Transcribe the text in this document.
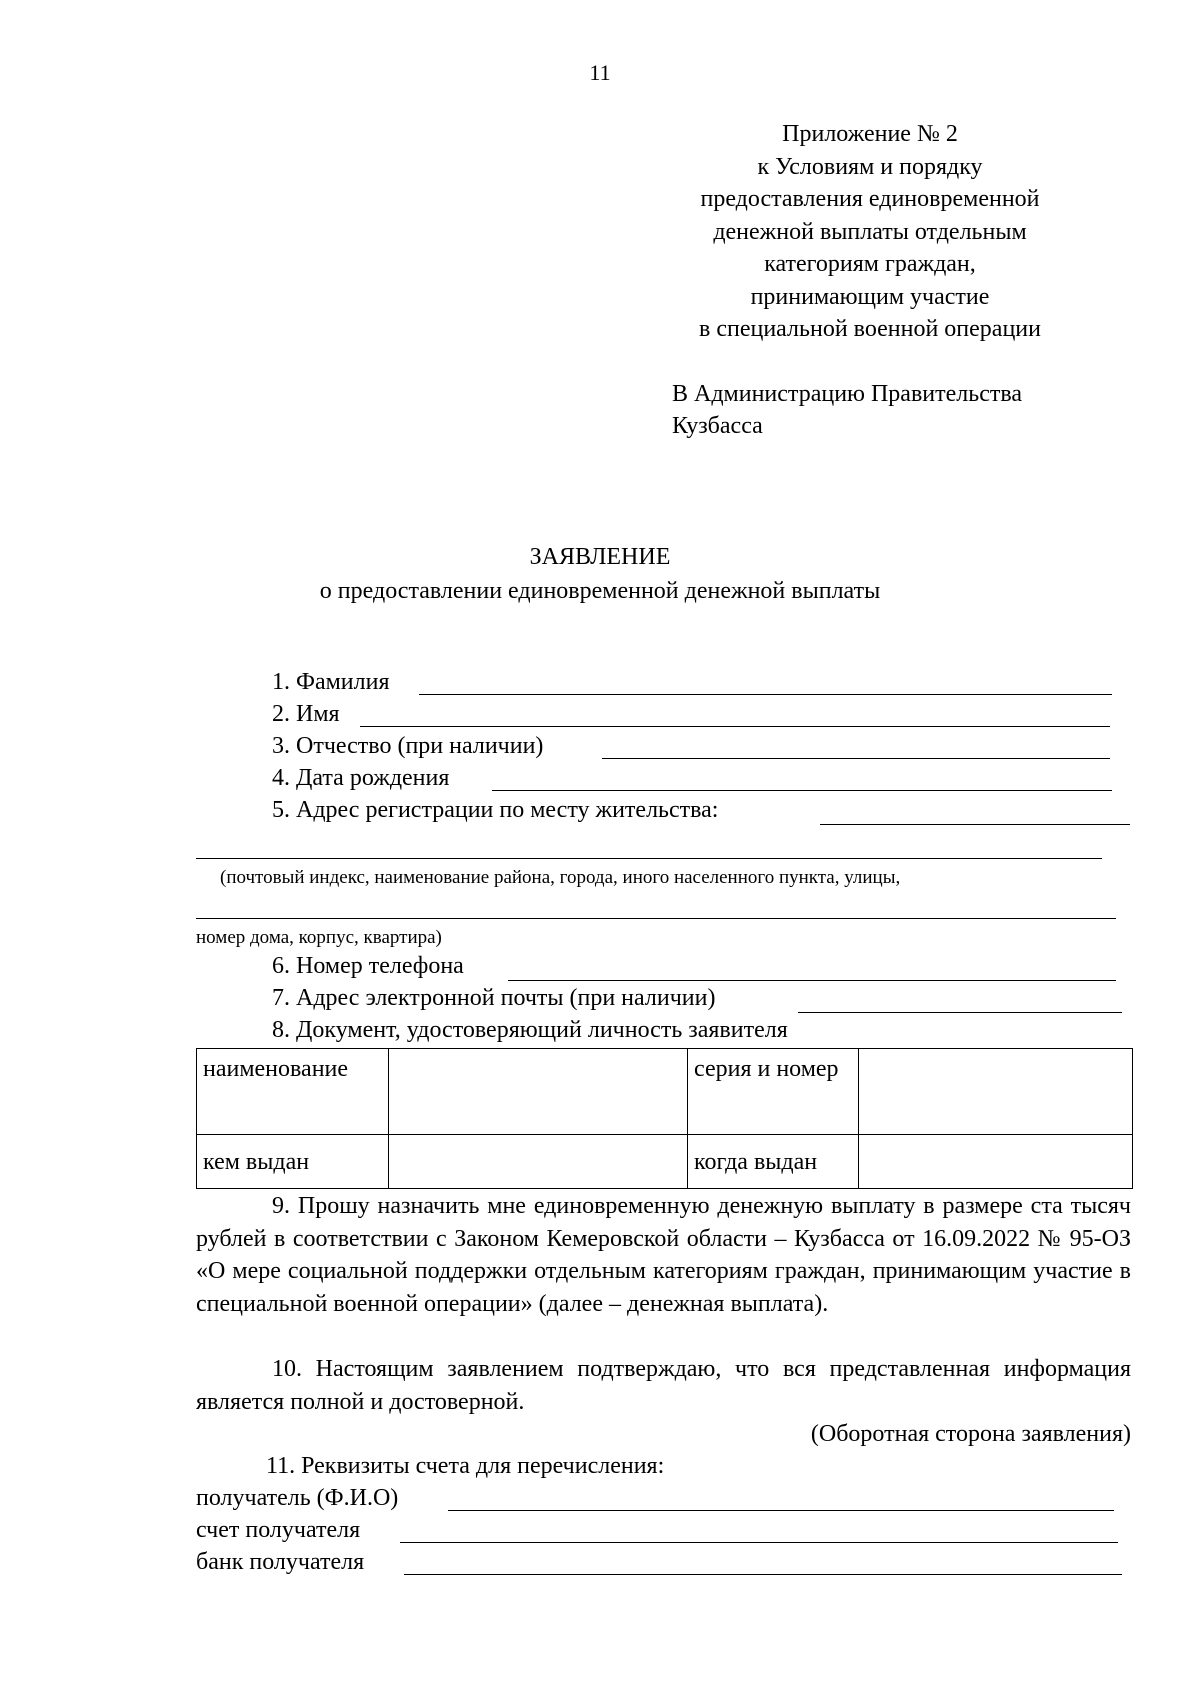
11
Приложение № 2
к Условиям и порядку
предоставления единовременной
денежной выплаты отдельным
категориям граждан,
принимающим участие
в специальной военной операции
В Администрацию Правительства
Кузбасса
ЗАЯВЛЕНИЕ
о предоставлении единовременной денежной выплаты
1. Фамилия
2. Имя
3. Отчество (при наличии)
4. Дата рождения
5. Адрес регистрации по месту жительства:
(почтовый индекс, наименование района, города, иного населенного пункта, улицы,
номер дома, корпус, квартира)
6. Номер телефона
7. Адрес электронной почты (при наличии)
8. Документ, удостоверяющий личность заявителя
наименование		серия и номер	
кем выдан		когда выдан	
9. Прошу назначить мне единовременную денежную выплату в размере ста тысяч рублей в соответствии с Законом Кемеровской области – Кузбасса от 16.09.2022 № 95-ОЗ «О мере социальной поддержки отдельным категориям граждан, принимающим участие в специальной военной операции» (далее – денежная выплата).
10. Настоящим заявлением подтверждаю, что вся представленная информация является полной и достоверной.
(Оборотная сторона заявления)
11. Реквизиты счета для перечисления:
получатель (Ф.И.О)
счет получателя
банк получателя
